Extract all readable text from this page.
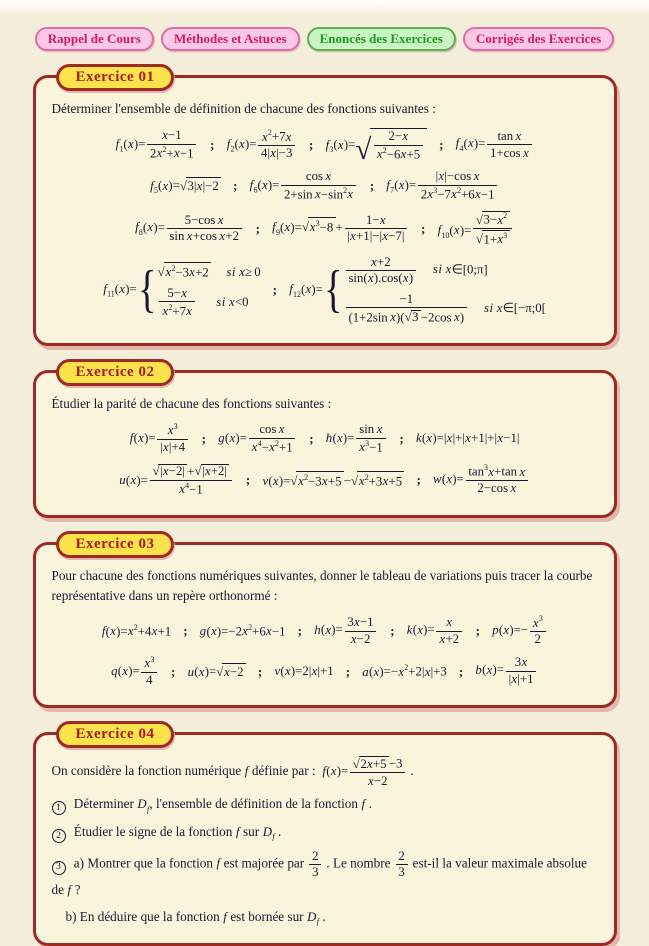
Rappel de Cours	Méthodes et Astuces	Enoncés des Exercices	Corrigés des Exercices
Exercice 01
Déterminer l'ensemble de définition de chacune des fonctions suivantes :
$f_1(x)= \frac{x-1}{2x^2+x-1}$ ; $f_2(x)= \frac{x^2+7x}{4|x|-3}$ ; $f_3(x)=√ \frac{2-x}{x^2-6x+5}$ ; $f_4(x)= \frac{\text{tan x}}{\text{1+cos x}}$
$f_5(x)=√3|x|-2$ ; $f_6(x)= \frac{\text{cos x}}{2+\sin x-\sin^2x}$ ; $f_7(x)= \frac{\text{|x|−cos x}}{2x^3-7x^2+6x-1}$
$f_8(x)= \frac{\text{5−cos x}}{\text{sin x+cos x+2}}$ ; $f_9(x)=√x^3-8 + \frac{1-x}{|x+1|-|x-7|}$ ; $f_{10}(x)= \frac{√3-x^2}{√1+x^3}$
$f_{11}(x)=$ { $√x^2-3x+2$ si x≥ 0
$\frac{5-x}{x^2+7x}$ si x<0
; $f_{12}(x)=$ { $\frac{x+2}{\sin(x).\cos(x)}$ si x∈[0;π]
$\frac{-1}{\text{(1+2sin x)(√3 −2cos x)}}$ si x∈[−π;0[
Exercice 02
Étudier la parité de chacune des fonctions suivantes :
$f(x)= \frac{x^3}{|x|+4}$ ; $g(x)= \frac{\text{cos x}}{x^4-x^2+1}$ ; $h(x)= \frac{\text{sin x}}{x^3-1}$ ; k(x)=|x|+|x+1|+|x−1|
$u(x)= \frac{√|x-2| +√|x+2|}{x^4-1}$ ; $v(x)=√x^2-3x+5 -√x^2+3x+5$ ; $w(x)= \frac{\tan^3x+\tan x}{\text{2−cos x}}$
Exercice 03
Pour chacune des fonctions numériques suivantes, donner le tableau de variations puis tracer la courbe représentative dans un repère orthonormé :
$f(x)=x^2+4x+1$ ; $g(x)=-2x^2+6x-1$ ; $h(x)= \frac{3x-1}{x-2}$ ; $k(x)= \frac{x}{x+2}$ ; $p(x)=- \frac{x^3}{2}$
$q(x)= \frac{x^3}{4}$ ; u(x)=√x−2 ; v(x)=2|x|+1 ; $a(x)=-x^2+2|x|+3$ ; $b(x)= \frac{3x}{|x|+1}$
Exercice 04
On considère la fonction numérique f définie par :  $f(x)= \frac{√2x+5 -3}{x-2}$ .
1 Déterminer $D_f$, l'ensemble de définition de la fonction f .
2 Étudier le signe de la fonction f sur $D_f$ .
3 a) Montrer que la fonction f est majorée par $\frac{2}{3}$ . Le nombre $\frac{2}{3} est-il$ la valeur maximale absolue de f ?
b) En déduire que la fonction f est bornée sur $D_f$ .
